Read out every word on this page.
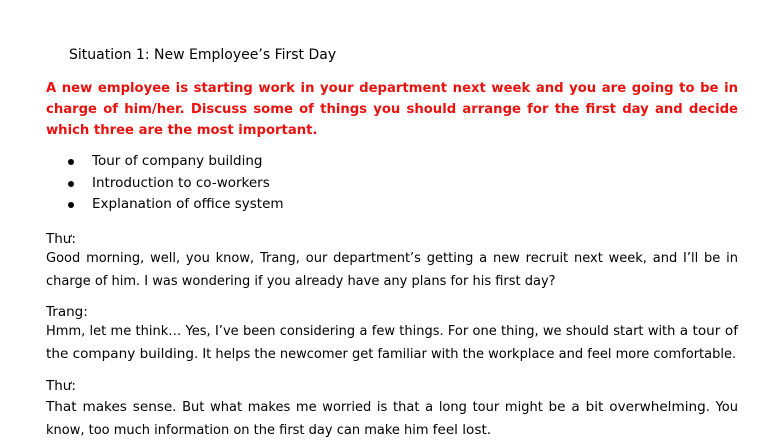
Situation 1: New Employee’s First Day
A new employee is starting work in your department next week and you are going to be in charge of him/her. Discuss some of things you should arrange for the first day and decide which three are the most important.
Tour of company building
Introduction to co-workers
Explanation of office system
Thư:
Good morning, well, you know, Trang, our department’s getting a new recruit next week, and I’ll be in charge of him. I was wondering if you already have any plans for his first day?
Trang:
Hmm, let me think… Yes, I’ve been considering a few things. For one thing, we should start with a tour of the company building. It helps the newcomer get familiar with the workplace and feel more comfortable.
Thư:
That makes sense. But what makes me worried is that a long tour might be a bit overwhelming. You know, too much information on the first day can make him feel lost.
